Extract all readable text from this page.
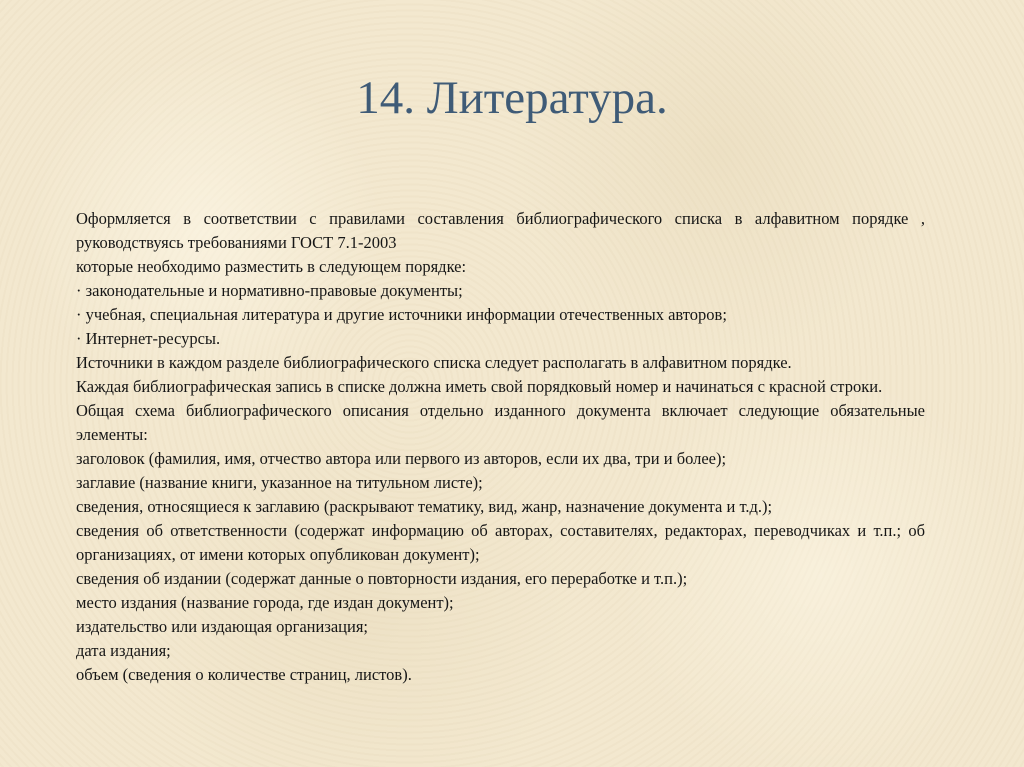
14. Литература.

Оформляется в соответствии с правилами составления библиографического списка в алфавитном порядке , руководствуясь требованиями ГОСТ 7.1-2003

которые необходимо разместить в следующем порядке:

· законодательные и нормативно-правовые документы;

· учебная, специальная литература и другие источники информации отечественных авторов;

· Интернет-ресурсы.

Источники в каждом разделе библиографического списка следует располагать в алфавитном порядке.

Каждая библиографическая запись в списке должна иметь свой порядковый номер и начинаться с красной строки.

Общая схема библиографического описания отдельно изданного документа включает следующие обязательные элементы:

заголовок (фамилия, имя, отчество автора или первого из авторов, если их два, три и более);

заглавие (название книги, указанное на титульном листе);

сведения, относящиеся к заглавию (раскрывают тематику, вид, жанр, назначение документа и т.д.);

сведения об ответственности (содержат информацию об авторах, составителях, редакторах, переводчиках и т.п.; об организациях, от имени которых опубликован документ);

сведения об издании (содержат данные о повторности издания, его переработке и т.п.);

место издания (название города, где издан документ);

издательство или издающая организация;

дата издания;

объем (сведения о количестве страниц, листов).
